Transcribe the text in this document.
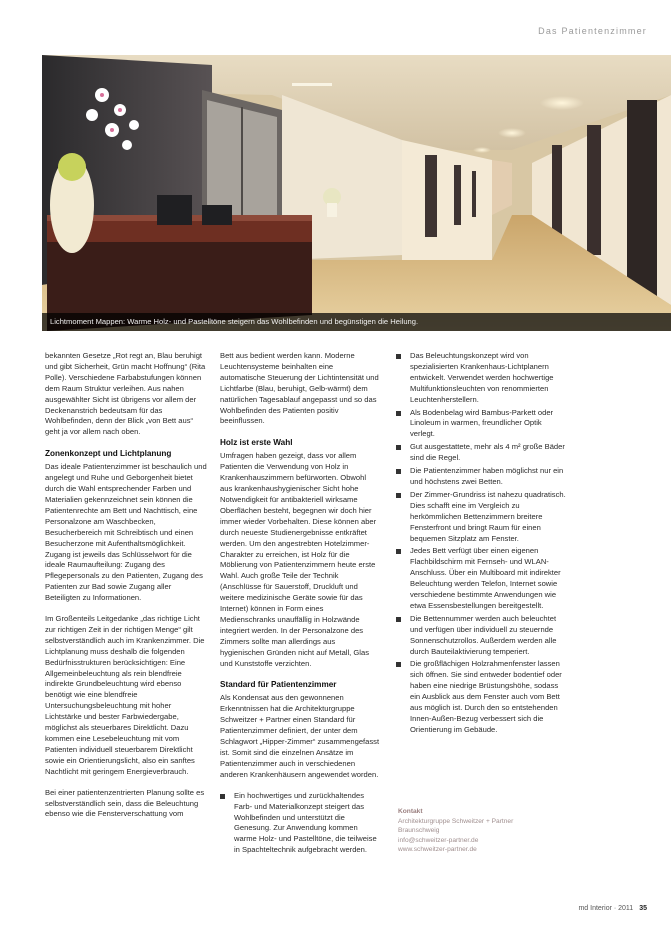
Das Patientenzimmer
Lichtmoment Mappen: Warme Holz- und Pastelltöne steigern das Wohlbefinden und begünstigen die Heilung.

bekannten Gesetze „Rot regt an, Blau beruhigt und gibt Sicherheit, Grün macht Hoffnung“ (Rita Polle). Verschiedene Farbabstufungen können dem Raum Struktur verleihen. Aus nahen ausgewählter Sicht ist übrigens vor allem der Deckenanstrich bedeutsam für das Wohlbefinden, denn der Blick „von Bett aus“ geht ja vor allem nach oben.

Zonenkonzept und Lichtplanung

Das ideale Patientenzimmer ist beschaulich und angelegt und Ruhe und Geborgenheit bietet durch die Wahl entsprechender Farben und Materialien gekennzeichnet sein können die Patientenrechte am Bett und Nachttisch, eine Personalzone am Waschbecken, Besucherbereich mit Schreibtisch und einen Besucherzone mit Aufenthaltsmöglichkeit. Zugang ist jeweils das Schlüsselwort für die ideale Raumaufteilung: Zugang des Pflegepersonals zu den Patienten, Zugang des Patienten zur Bad sowie Zugang aller Beteiligten zu Informationen.

Im Großenteils Leitgedanke „das richtige Licht zur richtigen Zeit in der richtigen Menge“ gilt selbstverständlich auch im Krankenzimmer. Die Lichtplanung muss deshalb die folgenden Bedürfnisstrukturen berücksichtigen: Eine Allgemeinbeleuchtung als rein blendfreie indirekte Grundbeleuchtung wird ebenso benötigt wie eine blendfreie Untersuchungsbeleuchtung mit hoher Lichtstärke und bester Farbwiedergabe, möglichst als steuerbares Direktlicht. Dazu kommen eine Lesebeleuchtung mit vom Patienten individuell steuerbarem Direktlicht sowie ein Orientierungslicht, also ein sanftes Nachtlicht mit geringem Energieverbrauch.

Bei einer patientenzentrierten Planung sollte es selbstverständlich sein, dass die Beleuchtung ebenso wie die Fensterverschattung vom

Bett aus bedient werden kann. Moderne Leuchtensysteme beinhalten eine automatische Steuerung der Lichtintensität und Lichtfarbe (Blau, beruhigt, Gelb-wärmt) dem natürlichen Tagesablauf angepasst und so das Wohlbefinden des Patienten positiv beeinflussen.

Holz ist erste Wahl

Umfragen haben gezeigt, dass vor allem Patienten die Verwendung von Holz in Krankenhauszimmern befürworten. Obwohl aus krankenhaushygienischer Sicht hohe Notwendigkeit für antibakteriell wirksame Oberflächen besteht, begegnen wir doch hier immer wieder Vorbehalten. Diese können aber durch neueste Studienergebnisse entkräftet werden. Um den angestrebten Hotelzimmer-Charakter zu erreichen, ist Holz für die Möblierung von Patientenzimmern heute erste Wahl. Auch große Teile der Technik (Anschlüsse für Sauerstoff, Druckluft und weitere medizinische Geräte sowie für das Internet) können in Form eines Medienschranks unauffällig in Holzwände integriert werden. In der Personalzone des Zimmers sollte man allerdings aus hygienischen Gründen nicht auf Metall, Glas und Kunststoffe verzichten.

Standard für Patientenzimmer

Als Kondensat aus den gewonnenen Erkenntnissen hat die Architekturgruppe Schweitzer + Partner einen Standard für Patientenzimmer definiert, der unter dem Schlagwort „Hipper-Zimmer“ zusammengefasst ist. Somit sind die einzelnen Ansätze im Patientenzimmer auch in verschiedenen anderen Krankenhäusern angewendet worden.

Ein hochwertiges und zurückhaltendes Farb- und Materialkonzept steigert das Wohlbefinden und unterstützt die Genesung. Zur Anwendung kommen warme Holz- und Pastelltöne, die teilweise in Spachteltechnik aufgebracht werden.
Das Beleuchtungskonzept wird von spezialisierten Krankenhaus-Lichtplanern entwickelt. Verwendet werden hochwertige Multifunktionsleuchten von renommierten Leuchtenherstellern.
Als Bodenbelag wird Bambus-Parkett oder Linoleum in warmen, freundlicher Optik verlegt.
Gut ausgestattete, mehr als 4 m² große Bäder sind die Regel.
Die Patientenzimmer haben möglichst nur ein und höchstens zwei Betten.
Der Zimmer-Grundriss ist nahezu quadratisch. Dies schafft eine im Vergleich zu herkömmlichen Bettenzimmern breitere Fensterfront und bringt Raum für einen bequemen Sitzplatz am Fenster.
Jedes Bett verfügt über einen eigenen Flachbildschirm mit Fernseh- und WLAN-Anschluss. Über ein Multiboard mit indirekter Beleuchtung werden Telefon, Internet sowie verschiedene bestimmte Anwendungen wie etwa Essensbestellungen bereitgestellt.
Die Bettennummer werden auch beleuchtet und verfügen über individuell zu steuernde Sonnenschutzrollos. Außerdem werden alle durch Bauteilaktivierung temperiert.
Die großflächigen Holzrahmenfenster lassen sich öffnen. Sie sind entweder bodentief oder haben eine niedrige Brüstungshöhe, sodass ein Ausblick aus dem Fenster auch vom Bett aus möglich ist. Durch den so entstehenden Innen-Außen-Bezug verbessert sich die Orientierung im Gebäude.
Kontakt
Architekturgruppe Schweitzer + Partner
Braunschweig
info@schweitzer-partner.de
www.schweitzer-partner.de
md Interior · 2011 35
